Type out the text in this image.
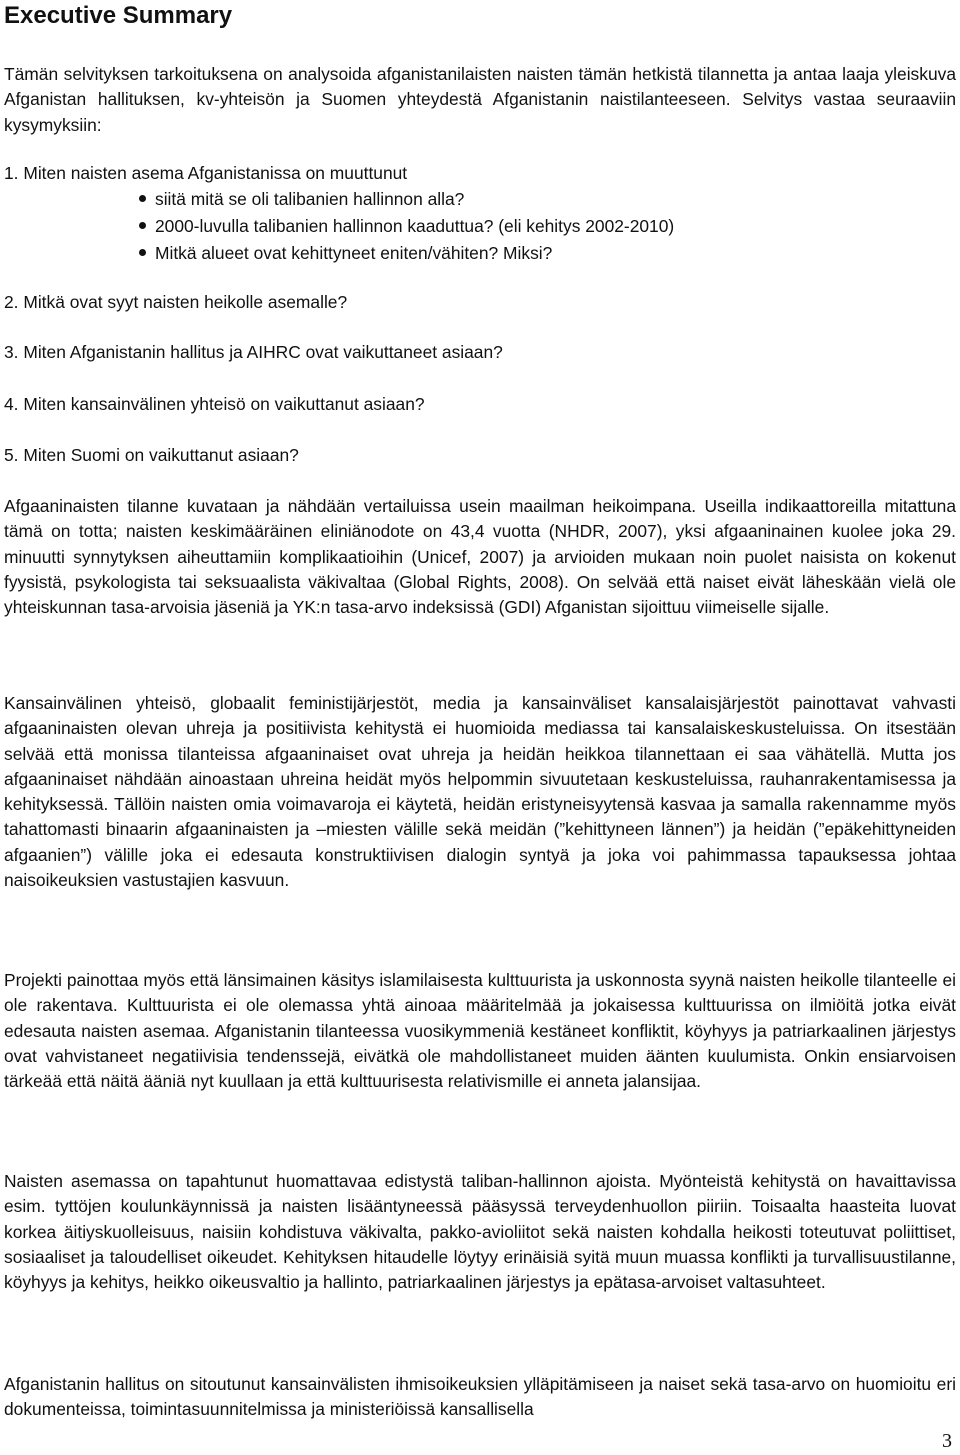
Executive Summary
Tämän selvityksen tarkoituksena on analysoida afganistanilaisten naisten tämän hetkistä tilannetta ja antaa laaja yleiskuva Afganistan hallituksen, kv-yhteisön ja Suomen yhteydestä Afganistanin naistilanteeseen. Selvitys vastaa seuraaviin kysymyksiin:
1. Miten naisten asema Afganistanissa on muuttunut
siitä mitä se oli talibanien hallinnon alla?
2000-luvulla talibanien hallinnon kaaduttua? (eli kehitys 2002-2010)
Mitkä alueet ovat kehittyneet eniten/vähiten? Miksi?
2. Mitkä ovat syyt naisten heikolle asemalle?
3. Miten Afganistanin hallitus ja AIHRC ovat vaikuttaneet asiaan?
4. Miten kansainvälinen yhteisö on vaikuttanut asiaan?
5. Miten Suomi on vaikuttanut asiaan?

Afgaaninaisten tilanne kuvataan ja nähdään vertailuissa usein maailman heikoimpana. Useilla indikaattoreilla mitattuna tämä on totta; naisten keskimääräinen eliniänodote on 43,4 vuotta (NHDR, 2007), yksi afgaaninainen kuolee joka 29. minuutti synnytyksen aiheuttamiin komplikaatioihin (Unicef, 2007) ja arvioiden mukaan noin puolet naisista on kokenut fyysistä, psykologista tai seksuaalista väkivaltaa (Global Rights, 2008). On selvää että naiset eivät läheskään vielä ole yhteiskunnan tasa-arvoisia jäseniä ja YK:n tasa-arvo indeksissä (GDI) Afganistan sijoittuu viimeiselle sijalle.

Kansainvälinen yhteisö, globaalit feministijärjestöt, media ja kansainväliset kansalaisjärjestöt painottavat vahvasti afgaaninaisten olevan uhreja ja positiivista kehitystä ei huomioida mediassa tai kansalaiskeskusteluissa. On itsestään selvää että monissa tilanteissa afgaaninaiset ovat uhreja ja heidän heikkoa tilannettaan ei saa vähätellä. Mutta jos afgaaninaiset nähdään ainoastaan uhreina heidät myös helpommin sivuutetaan keskusteluissa, rauhanrakentamisessa ja kehityksessä. Tällöin naisten omia voimavaroja ei käytetä, heidän eristyneisyytensä kasvaa ja samalla rakennamme myös tahattomasti binaarin afgaaninaisten ja –miesten välille sekä meidän (”kehittyneen lännen”) ja heidän (”epäkehittyneiden afgaanien”) välille joka ei edesauta konstruktiivisen dialogin syntyä ja joka voi pahimmassa tapauksessa johtaa naisoikeuksien vastustajien kasvuun.

Projekti painottaa myös että länsimainen käsitys islamilaisesta kulttuurista ja uskonnosta syynä naisten heikolle tilanteelle ei ole rakentava. Kulttuurista ei ole olemassa yhtä ainoaa määritelmää ja jokaisessa kulttuurissa on ilmiöitä jotka eivät edesauta naisten asemaa. Afganistanin tilanteessa vuosikymmeniä kestäneet konfliktit, köyhyys ja patriarkaalinen järjestys ovat vahvistaneet negatiivisia tendenssejä, eivätkä ole mahdollistaneet muiden äänten kuulumista. Onkin ensiarvoisen tärkeää että näitä ääniä nyt kuullaan ja että kulttuurisesta relativismille ei anneta jalansijaa.

Naisten asemassa on tapahtunut huomattavaa edistystä taliban-hallinnon ajoista. Myönteistä kehitystä on havaittavissa esim. tyttöjen koulunkäynnissä ja naisten lisääntyneessä pääsyssä terveydenhuollon piiriin. Toisaalta haasteita luovat korkea äitiyskuolleisuus, naisiin kohdistuva väkivalta, pakko-avioliitot sekä naisten kohdalla heikosti toteutuvat poliittiset, sosiaaliset ja taloudelliset oikeudet. Kehityksen hitaudelle löytyy erinäisiä syitä muun muassa konflikti ja turvallisuustilanne, köyhyys ja kehitys, heikko oikeusvaltio ja hallinto, patriarkaalinen järjestys ja epätasa-arvoiset valtasuhteet.

Afganistanin hallitus on sitoutunut kansainvälisten ihmisoikeuksien ylläpitämiseen ja naiset sekä tasa-arvo on huomioitu eri dokumenteissa, toimintasuunnitelmissa ja ministeriöissä kansallisella

3
